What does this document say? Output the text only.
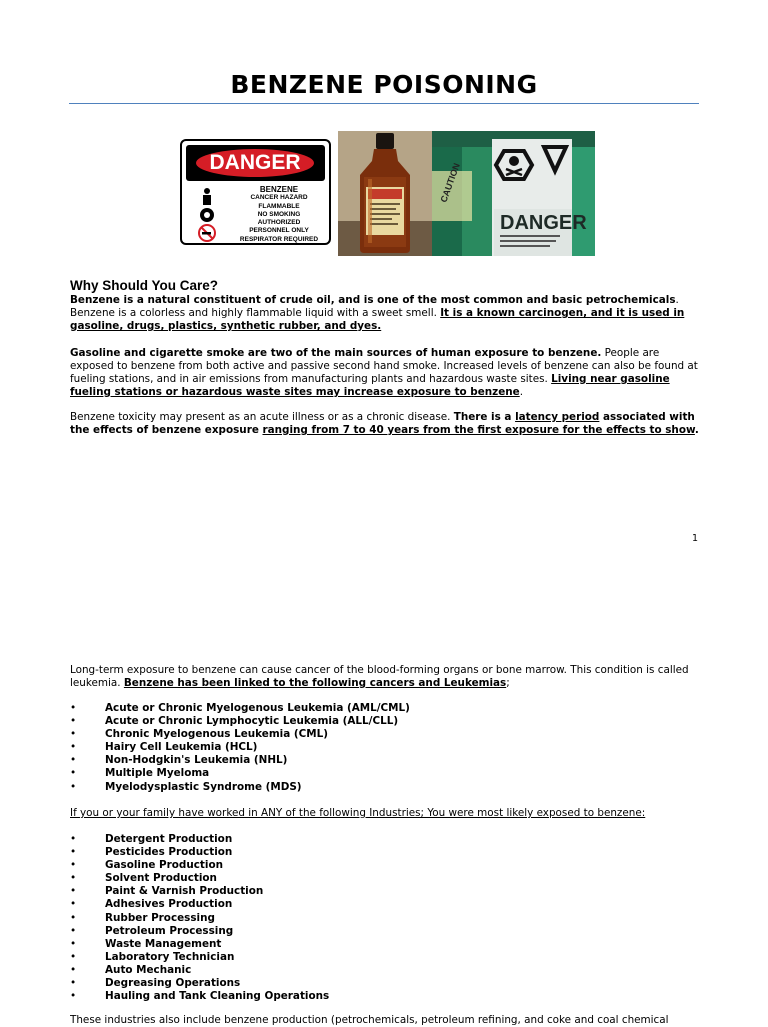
BENZENE POISONING
DANGER
BENZENE
CANCER HAZARD
FLAMMABLE
NO SMOKING
AUTHORIZED
PERSONNEL ONLY
RESPIRATOR REQUIRED
DANGER
CAUTION
Why Should You Care?
Benzene is a natural constituent of crude oil, and is one of the most common and basic petrochemicals. Benzene is a colorless and highly flammable liquid with a sweet smell. It is a known carcinogen, and it is used in gasoline, drugs, plastics, synthetic rubber, and dyes.
Gasoline and cigarette smoke are two of the main sources of human exposure to benzene. People are exposed to benzene from both active and passive second hand smoke. Increased levels of benzene can also be found at fueling stations, and in air emissions from manufacturing plants and hazardous waste sites. Living near gasoline fueling stations or hazardous waste sites may increase exposure to benzene.
Benzene toxicity may present as an acute illness or as a chronic disease. There is a latency period associated with the effects of benzene exposure ranging from 7 to 40 years from the first exposure for the effects to show.
1
Long-term exposure to benzene can cause cancer of the blood-forming organs or bone marrow. This condition is called leukemia. Benzene has been linked to the following cancers and Leukemias;
• Acute or Chronic Myelogenous Leukemia (AML/CML)
• Acute or Chronic Lymphocytic Leukemia (ALL/CLL)
• Chronic Myelogenous Leukemia (CML)
• Hairy Cell Leukemia (HCL)
• Non-Hodgkin's Leukemia (NHL)
• Multiple Myeloma
• Myelodysplastic Syndrome (MDS)
If you or your family have worked in ANY of the following Industries; You were most likely exposed to benzene:
• Detergent Production
• Pesticides Production
• Gasoline Production
• Solvent Production
• Paint & Varnish Production
• Adhesives Production
• Rubber Processing
• Petroleum Processing
• Waste Management
• Laboratory Technician
• Auto Mechanic
• Degreasing Operations
• Hauling and Tank Cleaning Operations
These industries also include benzene production (petrochemicals, petroleum refining, and coke and coal chemical
